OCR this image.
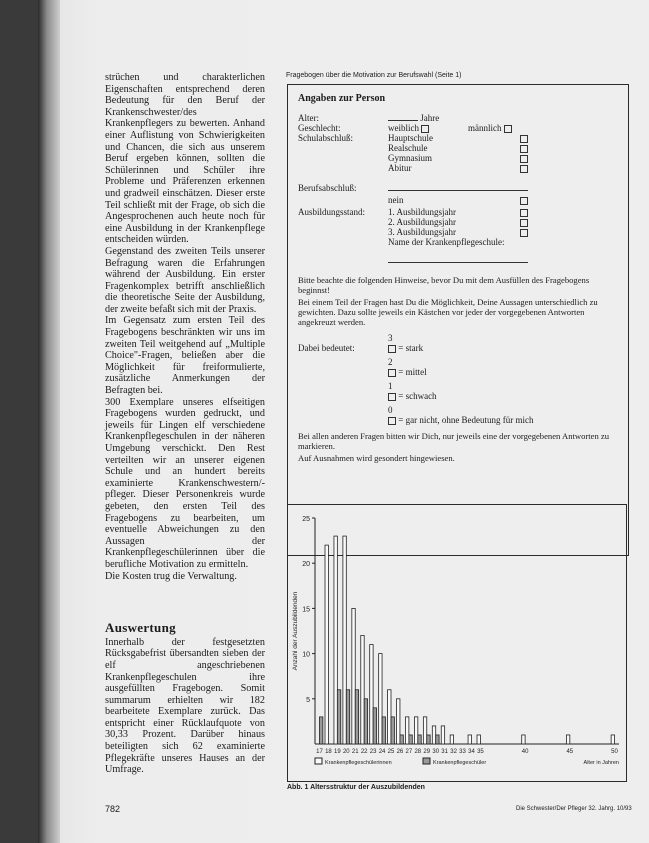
strüchen und charakterlichen Eigenschaften entsprechend deren Bedeutung für den Beruf der Krankenschwester/des Krankenpflegers zu bewerten. Anhand einer Auflistung von Schwierigkeiten und Chancen, die sich aus unserem Beruf ergeben können, sollten die Schülerinnen und Schüler ihre Probleme und Präferenzen erkennen und gradweil einschätzen. Dieser erste Teil schließt mit der Frage, ob sich die Angesprochenen auch heute noch für eine Ausbildung in der Krankenpflege entscheiden würden.

Gegenstand des zweiten Teils unserer Befragung waren die Erfahrungen während der Ausbildung. Ein erster Fragenkomplex betrifft anschließlich die theoretische Seite der Ausbildung, der zweite befaßt sich mit der Praxis.

Im Gegensatz zum ersten Teil des Fragebogens beschränkten wir uns im zweiten Teil weitgehend auf „Multiple Choice"-Fragen, beließen aber die Möglichkeit für freiformulierte, zusätzliche Anmerkungen der Befragten bei.

300 Exemplare unseres elfseitigen Fragebogens wurden gedruckt, und jeweils für Lingen elf verschiedene Krankenpflegeschulen in der näheren Umgebung verschickt. Den Rest verteilten wir an unserer eigenen Schule und an hundert bereits examinierte Krankenschwestern/-pfleger. Dieser Personenkreis wurde gebeten, den ersten Teil des Fragebogens zu bearbeiten, um eventuelle Abweichungen zu den Aussagen der Krankenpflegeschülerinnen über die berufliche Motivation zu ermitteln.

Die Kosten trug die Verwaltung.

Auswertung

Innerhalb der festgesetzten Rücksgabefrist übersandten sieben der elf angeschriebenen Krankenpflegeschulen ihre ausgefüllten Fragebogen. Somit summarum erhielten wir 182 bearbeitete Exemplare zurück. Das entspricht einer Rücklaufquote von 30,33 Prozent. Darüber hinaus beteiligten sich 62 examinierte Pflegekräfte unseres Hauses an der Umfrage.

Fragebogen über die Motivation zur Berufswahl (Seite 1)
Angaben zur Person
Alter:	Jahre
Geschlecht:	weiblich	männlich
Schulabschluß:	Hauptschule
Realschule
Gymnasium
Abitur
Berufsabschluß:
nein
Ausbildungsstand:	1. Ausbildungsjahr
2. Ausbildungsjahr
3. Ausbildungsjahr
Name der Krankenpflegeschule:
Bitte beachte die folgenden Hinweise, bevor Du mit dem Ausfüllen des Fragebogens beginnst!
Bei einem Teil der Fragen hast Du die Möglichkeit, Deine Aussagen unterschiedlich zu gewichten. Dazu sollte jeweils ein Kästchen vor jeder der vorgegebenen Antworten angekreuzt werden.
Dabei bedeutet:
3
= stark
2
= mittel
1
= schwach
0
= gar nicht, ohne Bedeutung für mich
Bei allen anderen Fragen bitten wir Dich, nur jeweils eine der vorgegebenen Antworten zu markieren.
Auf Ausnahmen wird gesondert hingewiesen.
5
10
15
20
25
Anzahl der Auszubildenden
17 18 19 20 21 22 23 24 25 26 27 28 29 30 31 32 33 34 35	40	45	50
Krankenpflegeschülerinnen	Krankenpflegeschüler	Alter in Jahren
Abb. 1 Altersstruktur der Auszubildenden
782	Die Schwester/Der Pfleger 32. Jahrg. 10/93
